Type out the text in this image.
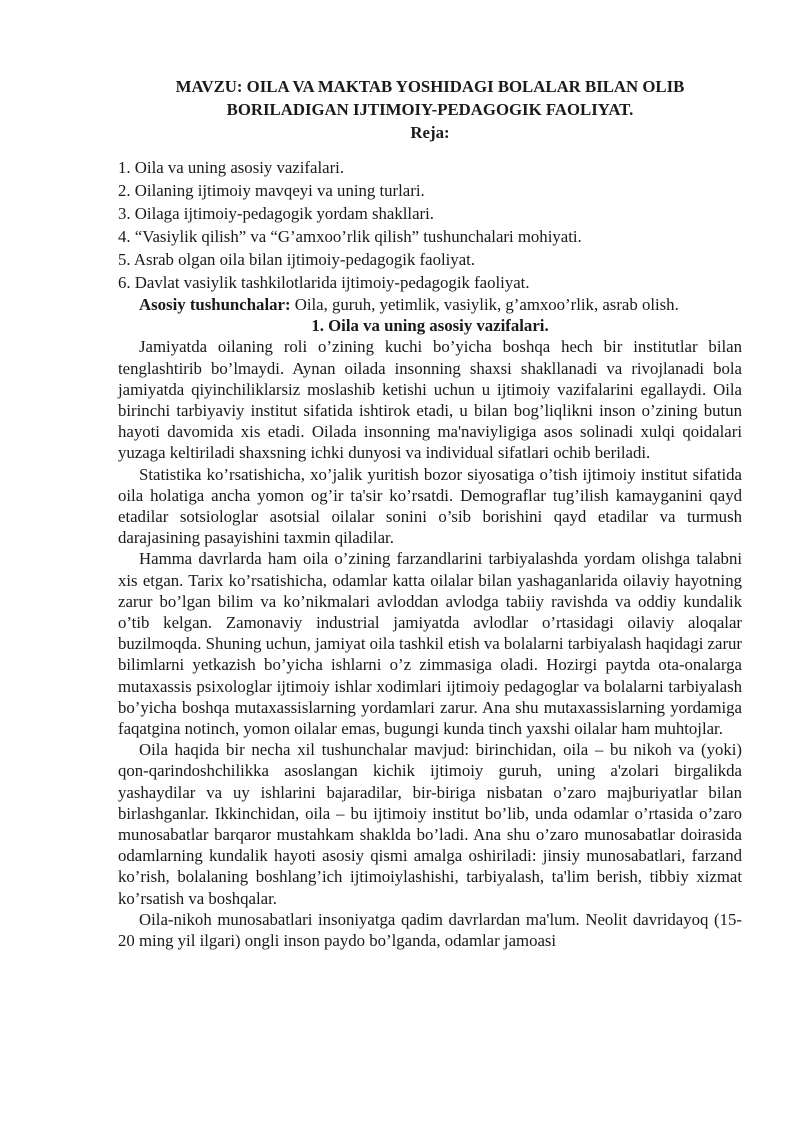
MAVZU: OILA VA MAKTAB YOSHIDAGI BOLALAR BILAN OLIB

BORILADIGAN IJTIMOIY-PEDAGOGIK FAOLIYAT.

Reja:

1. Oila va uning asosiy vazifalari.
2. Oilaning ijtimoiy mavqeyi va uning turlari.
3. Oilaga ijtimoiy-pedagogik yordam shakllari.
4. “Vasiylik qilish” va “G’amxoo’rlik qilish” tushunchalari mohiyati.
5. Asrab olgan oila bilan ijtimoiy-pedagogik faoliyat.
6. Davlat vasiylik tashkilotlarida ijtimoiy-pedagogik faoliyat.

Asosiy tushunchalar: Oila, guruh, yetimlik, vasiylik, g’amxoo’rlik, asrab olish.

1. Oila va uning asosiy vazifalari.

Jamiyatda oilaning roli o’zining kuchi bo’yicha boshqa hech bir institutlar bilan tenglashtirib bo’lmaydi. Aynan oilada insonning shaxsi shakllanadi va rivojlanadi bola jamiyatda qiyinchiliklarsiz moslashib ketishi uchun u ijtimoiy vazifalarini egallaydi. Oila birinchi tarbiyaviy institut sifatida ishtirok etadi, u bilan bog’liqlikni inson o’zining butun hayoti davomida xis etadi. Oilada insonning ma'naviyligiga asos solinadi xulqi qoidalari yuzaga keltiriladi shaxsning ichki dunyosi va individual sifatlari ochib beriladi.

Statistika ko’rsatishicha, xo’jalik yuritish bozor siyosatiga o’tish ijtimoiy institut sifatida oila holatiga ancha yomon og’ir ta'sir ko’rsatdi. Demograflar tug’ilish kamayganini qayd etadilar sotsiologlar asotsial oilalar sonini o’sib borishini qayd etadilar va turmush darajasining pasayishini taxmin qiladilar.

Hamma davrlarda ham oila o’zining farzandlarini tarbiyalashda yordam olishga talabni xis etgan. Tarix ko’rsatishicha, odamlar katta oilalar bilan yashaganlarida oilaviy hayotning zarur bo’lgan bilim va ko’nikmalari avloddan avlodga tabiiy ravishda va oddiy kundalik o’tib kelgan. Zamonaviy industrial jamiyatda avlodlar o’rtasidagi oilaviy aloqalar buzilmoqda. Shuning uchun, jamiyat oila tashkil etish va bolalarni tarbiyalash haqidagi zarur bilimlarni yetkazish bo’yicha ishlarni o’z zimmasiga oladi. Hozirgi paytda ota-onalarga mutaxassis psixologlar ijtimoiy ishlar xodimlari ijtimoiy pedagoglar va bolalarni tarbiyalash bo’yicha boshqa mutaxassislarning yordamlari zarur. Ana shu mutaxassislarning yordamiga faqatgina notinch, yomon oilalar emas, bugungi kunda tinch yaxshi oilalar ham muhtojlar.

Oila haqida bir necha xil tushunchalar mavjud: birinchidan, oila – bu nikoh va (yoki) qon-qarindoshchilikka asoslangan kichik ijtimoiy guruh, uning a'zolari birgalikda yashaydilar va uy ishlarini bajaradilar, bir-biriga nisbatan o’zaro majburiyatlar bilan birlashganlar. Ikkinchidan, oila – bu ijtimoiy institut bo’lib, unda odamlar o’rtasida o’zaro munosabatlar barqaror mustahkam shaklda bo’ladi. Ana shu o’zaro munosabatlar doirasida odamlarning kundalik hayoti asosiy qismi amalga oshiriladi: jinsiy munosabatlari, farzand ko’rish, bolalaning boshlang’ich ijtimoiylashishi, tarbiyalash, ta'lim berish, tibbiy xizmat ko’rsatish va boshqalar.

Oila-nikoh munosabatlari insoniyatga qadim davrlardan ma'lum. Neolit davridayoq (15-20 ming yil ilgari) ongli inson paydo bo’lganda, odamlar jamoasi
